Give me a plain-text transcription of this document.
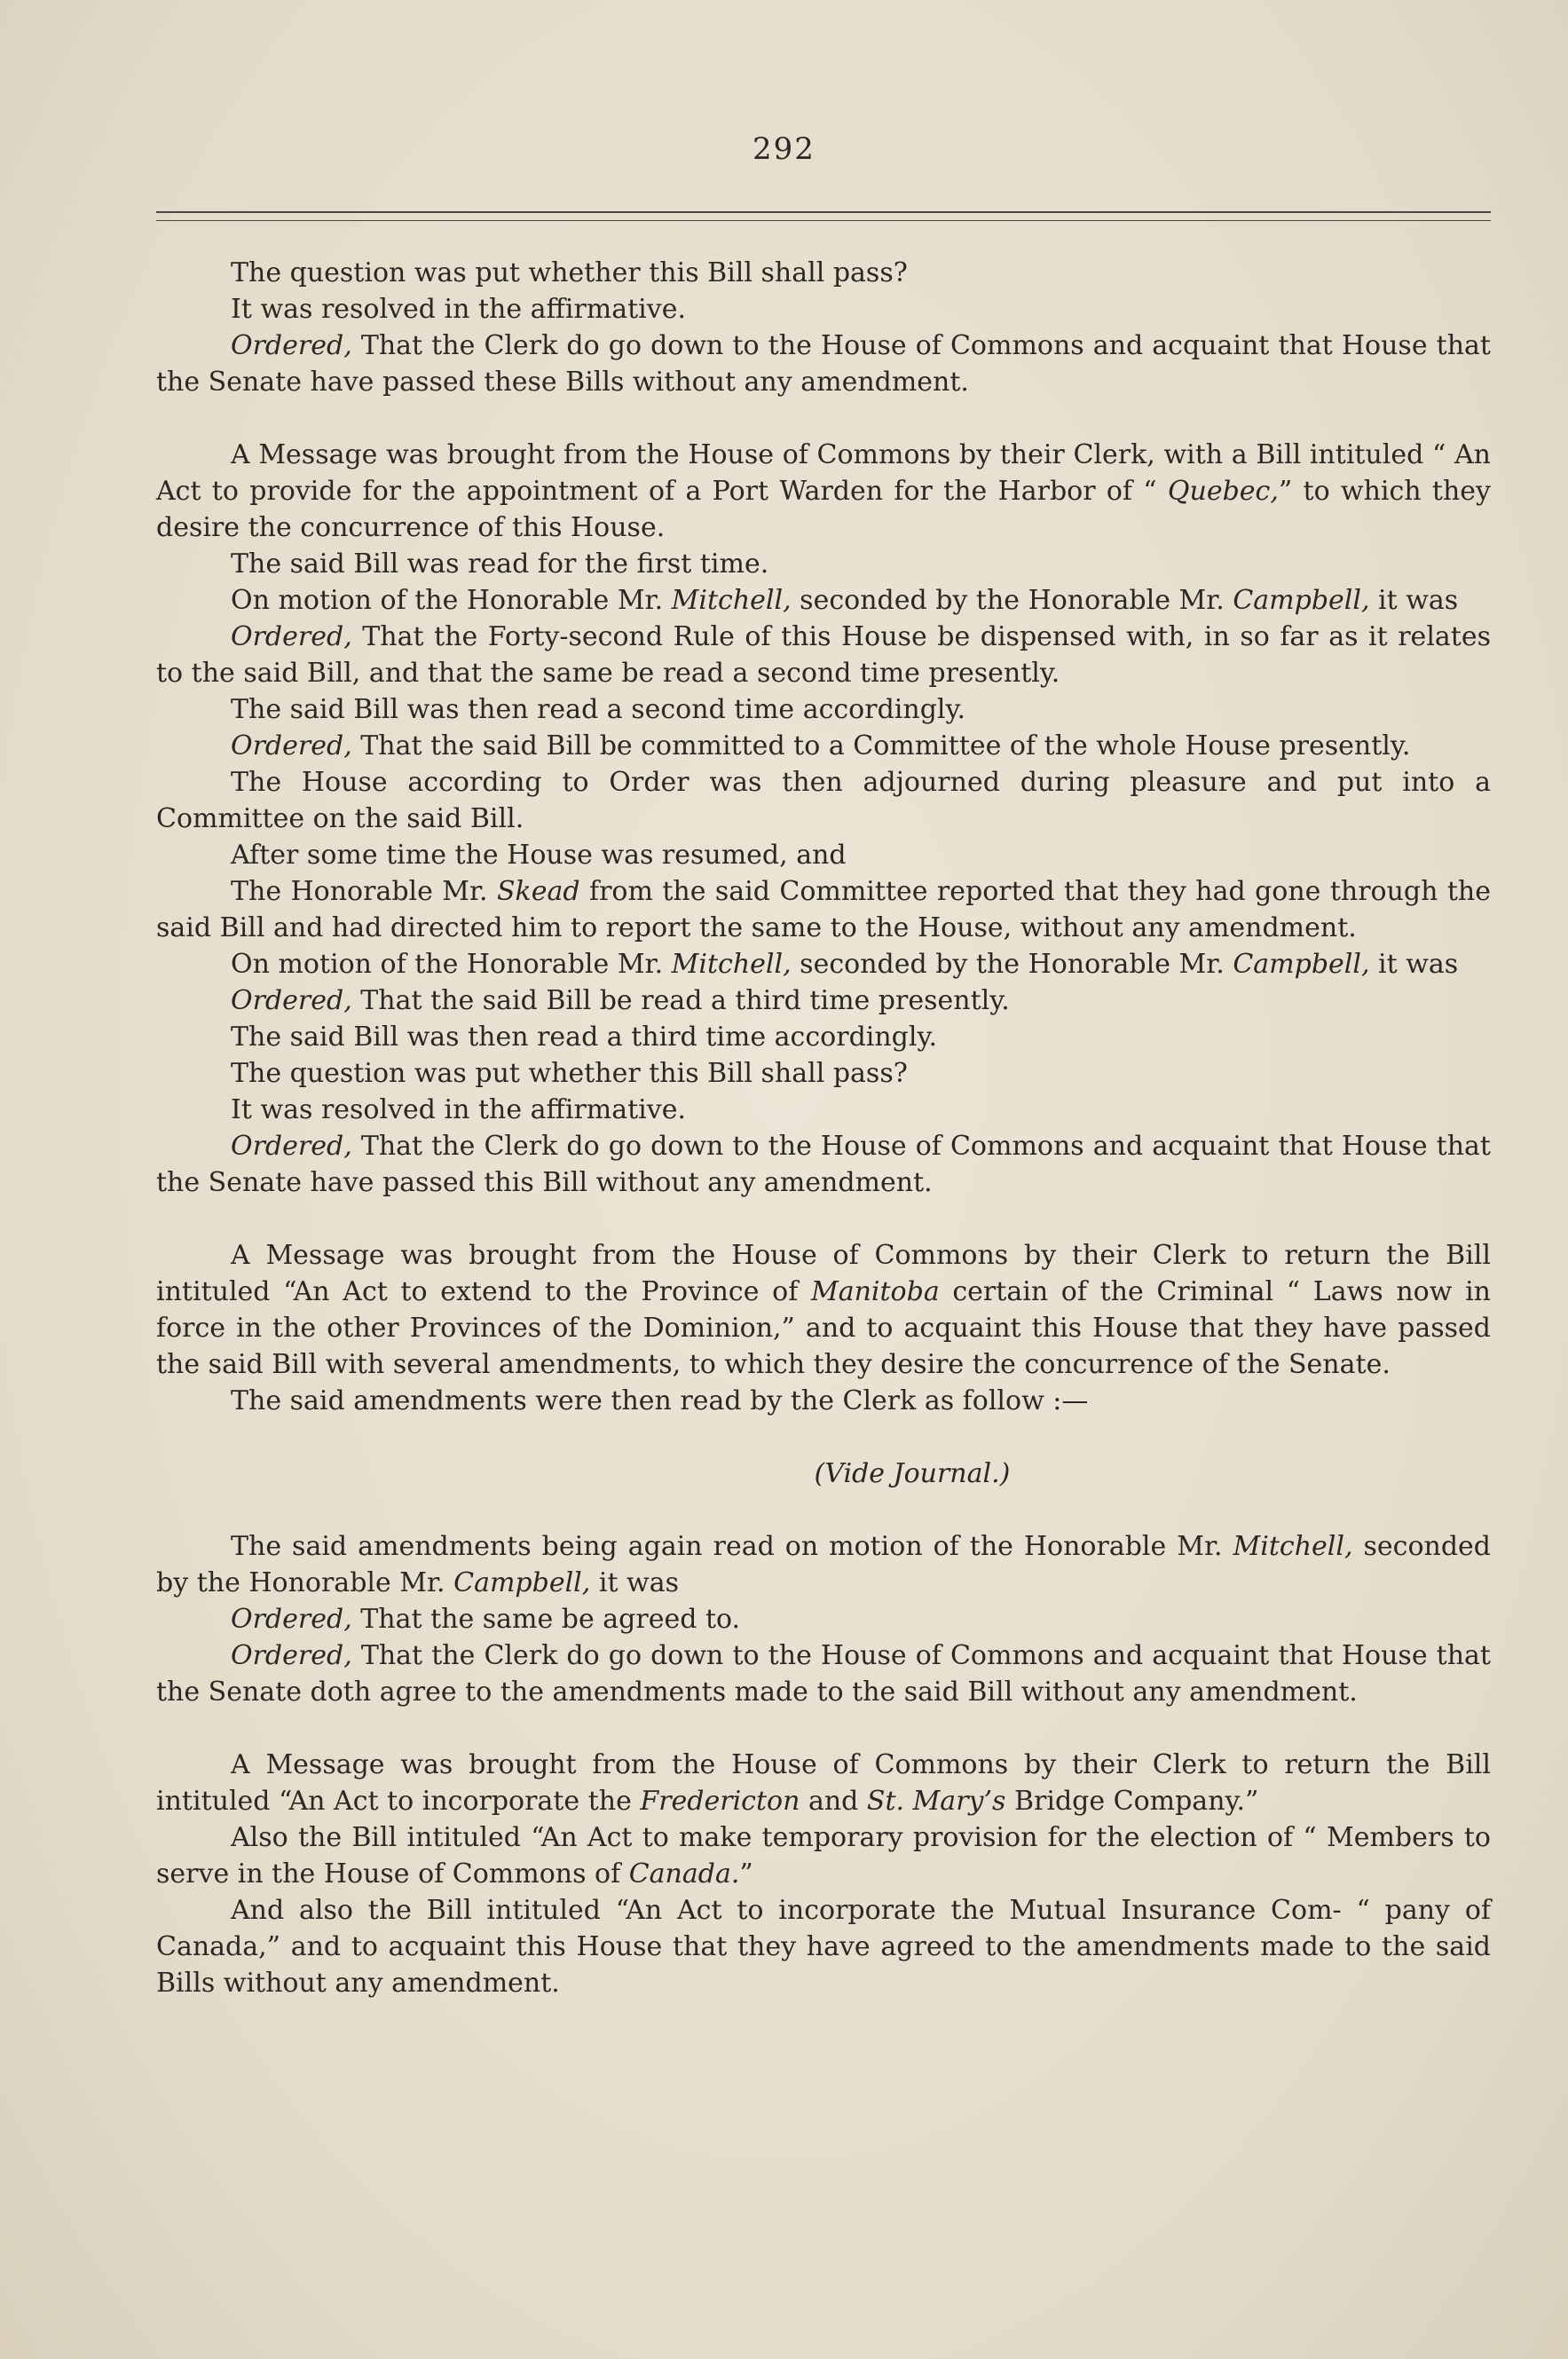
292

The question was put whether this Bill shall pass?

It was resolved in the affirmative.

Ordered, That the Clerk do go down to the House of Commons and acquaint that House that the Senate have passed these Bills without any amendment.

A Message was brought from the House of Commons by their Clerk, with a Bill intituled “ An Act to provide for the appointment of a Port Warden for the Harbor of “ Quebec,” to which they desire the concurrence of this House.

The said Bill was read for the first time.

On motion of the Honorable Mr. Mitchell, seconded by the Honorable Mr. Campbell, it was

Ordered, That the Forty-second Rule of this House be dispensed with, in so far as it relates to the said Bill, and that the same be read a second time presently.

The said Bill was then read a second time accordingly.

Ordered, That the said Bill be committed to a Committee of the whole House presently.

The House according to Order was then adjourned during pleasure and put into a Committee on the said Bill.

After some time the House was resumed, and

The Honorable Mr. Skead from the said Committee reported that they had gone through the said Bill and had directed him to report the same to the House, without any amendment.

On motion of the Honorable Mr. Mitchell, seconded by the Honorable Mr. Campbell, it was

Ordered, That the said Bill be read a third time presently.

The said Bill was then read a third time accordingly.

The question was put whether this Bill shall pass?

It was resolved in the affirmative.

Ordered, That the Clerk do go down to the House of Commons and acquaint that House that the Senate have passed this Bill without any amendment.

A Message was brought from the House of Commons by their Clerk to return the Bill intituled “An Act to extend to the Province of Manitoba certain of the Criminal “ Laws now in force in the other Provinces of the Dominion,” and to acquaint this House that they have passed the said Bill with several amendments, to which they desire the concurrence of the Senate.

The said amendments were then read by the Clerk as follow :—

(Vide Journal.)

The said amendments being again read on motion of the Honorable Mr. Mitchell, seconded by the Honorable Mr. Campbell, it was

Ordered, That the same be agreed to.

Ordered, That the Clerk do go down to the House of Commons and acquaint that House that the Senate doth agree to the amendments made to the said Bill without any amendment.

A Message was brought from the House of Commons by their Clerk to return the Bill intituled “An Act to incorporate the Fredericton and St. Mary’s Bridge Company.”

Also the Bill intituled “An Act to make temporary provision for the election of “ Members to serve in the House of Commons of Canada.”

And also the Bill intituled “An Act to incorporate the Mutual Insurance Com- “ pany of Canada,” and to acquaint this House that they have agreed to the amendments made to the said Bills without any amendment.
